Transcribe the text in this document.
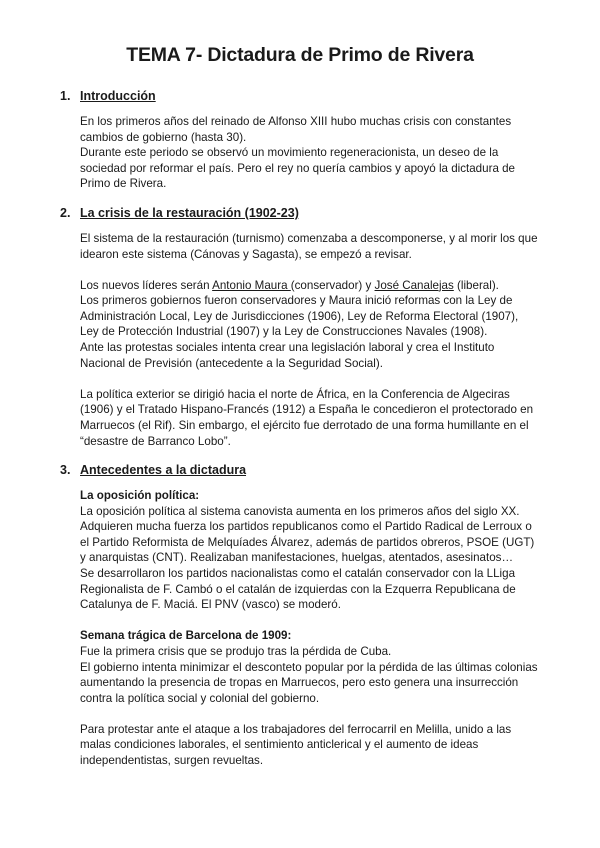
TEMA 7- Dictadura de Primo de Rivera
1. Introducción
En los primeros años del reinado de Alfonso XIII hubo muchas crisis con constantes cambios de gobierno (hasta 30).
Durante este periodo se observó un movimiento regeneracionista, un deseo de la sociedad por reformar el país. Pero el rey no quería cambios y apoyó la dictadura de Primo de Rivera.
2. La crisis de la restauración (1902-23)
El sistema de la restauración (turnismo) comenzaba a descomponerse, y al morir los que idearon este sistema (Cánovas y Sagasta), se empezó a revisar.
Los nuevos líderes serán Antonio Maura (conservador) y José Canalejas (liberal).
Los primeros gobiernos fueron conservadores y Maura inició reformas con la Ley de Administración Local, Ley de Jurisdicciones (1906), Ley de Reforma Electoral (1907), Ley de Protección Industrial (1907) y la Ley de Construcciones Navales (1908).
Ante las protestas sociales intenta crear una legislación laboral y crea el Instituto Nacional de Previsión (antecedente a la Seguridad Social).
La política exterior se dirigió hacia el norte de África, en la Conferencia de Algeciras (1906) y el Tratado Hispano-Francés (1912) a España le concedieron el protectorado en Marruecos (el Rif). Sin embargo, el ejército fue derrotado de una forma humillante en el “desastre de Barranco Lobo”.
3. Antecedentes a la dictadura
La oposición política:
La oposición política al sistema canovista aumenta en los primeros años del siglo XX. Adquieren mucha fuerza los partidos republicanos como el Partido Radical de Lerroux o el Partido Reformista de Melquíades Álvarez, además de partidos obreros, PSOE (UGT) y anarquistas (CNT). Realizaban manifestaciones, huelgas, atentados, asesinatos…
Se desarrollaron los partidos nacionalistas como el catalán conservador con la LLiga Regionalista de F. Cambó o el catalán de izquierdas con la Ezquerra Republicana de Catalunya de F. Maciá. El PNV (vasco) se moderó.
Semana trágica de Barcelona de 1909:
Fue la primera crisis que se produjo tras la pérdida de Cuba.
El gobierno intenta minimizar el desconteto popular por la pérdida de las últimas colonias aumentando la presencia de tropas en Marruecos, pero esto genera una insurrección contra la política social y colonial del gobierno.
Para protestar ante el ataque a los trabajadores del ferrocarril en Melilla, unido a las malas condiciones laborales, el sentimiento anticlerical y el aumento de ideas independentistas, surgen revueltas.
